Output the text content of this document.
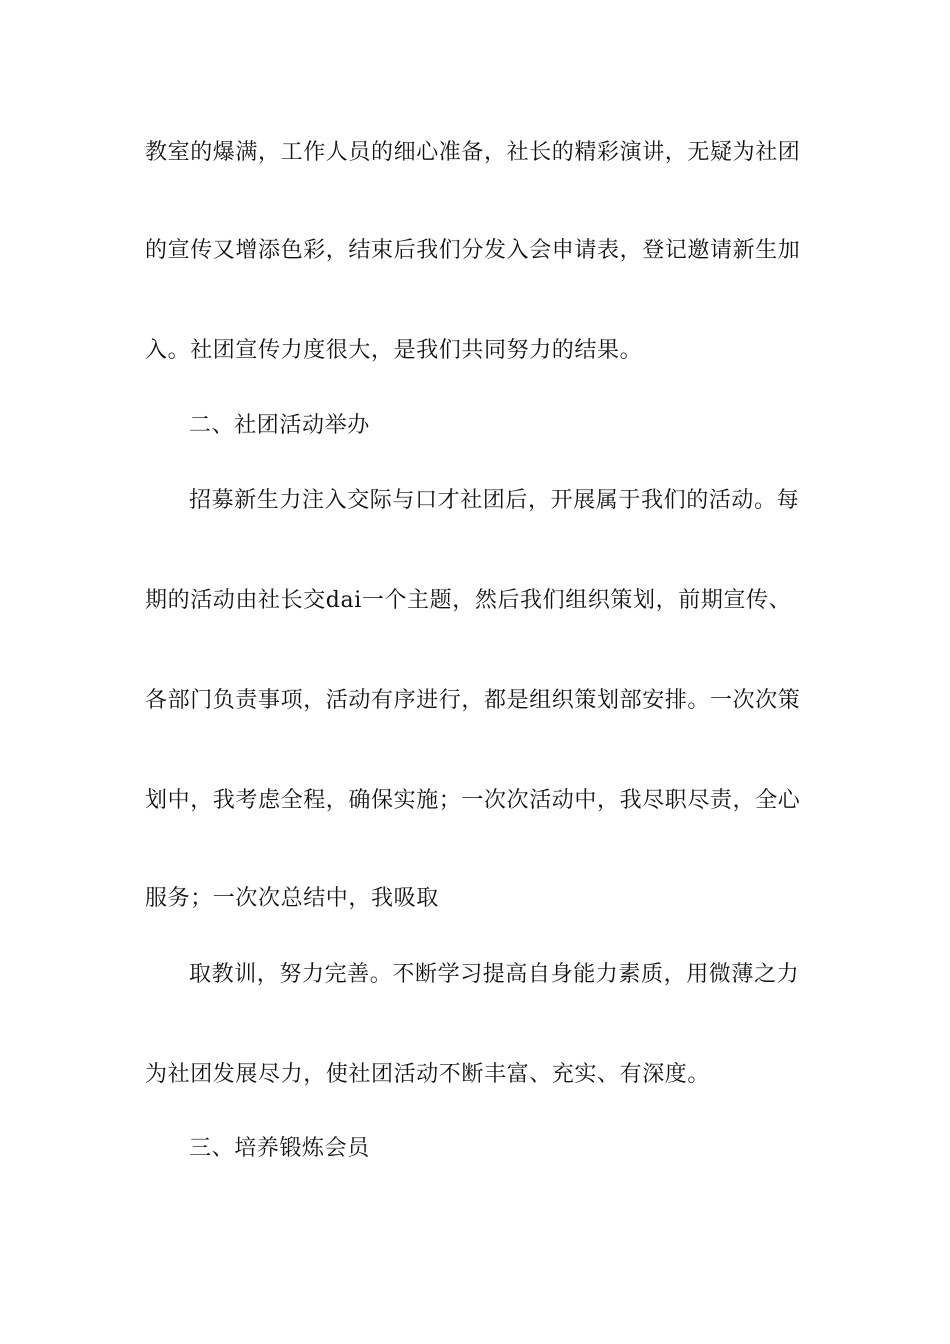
教室的爆满，工作人员的细心准备，社长的精彩演讲，无疑为社团
的宣传又增添色彩，结束后我们分发入会申请表，登记邀请新生加
入。社团宣传力度很大，是我们共同努力的结果。
二、社团活动举办
招募新生力注入交际与口才社团后，开展属于我们的活动。每
期的活动由社长交dai一个主题，然后我们组织策划，前期宣传、
各部门负责事项，活动有序进行，都是组织策划部安排。一次次策
划中，我考虑全程，确保实施；一次次活动中，我尽职尽责，全心
服务；一次次总结中，我吸取
取教训，努力完善。不断学习提高自身能力素质，用微薄之力
为社团发展尽力，使社团活动不断丰富、充实、有深度。
三、培养锻炼会员
